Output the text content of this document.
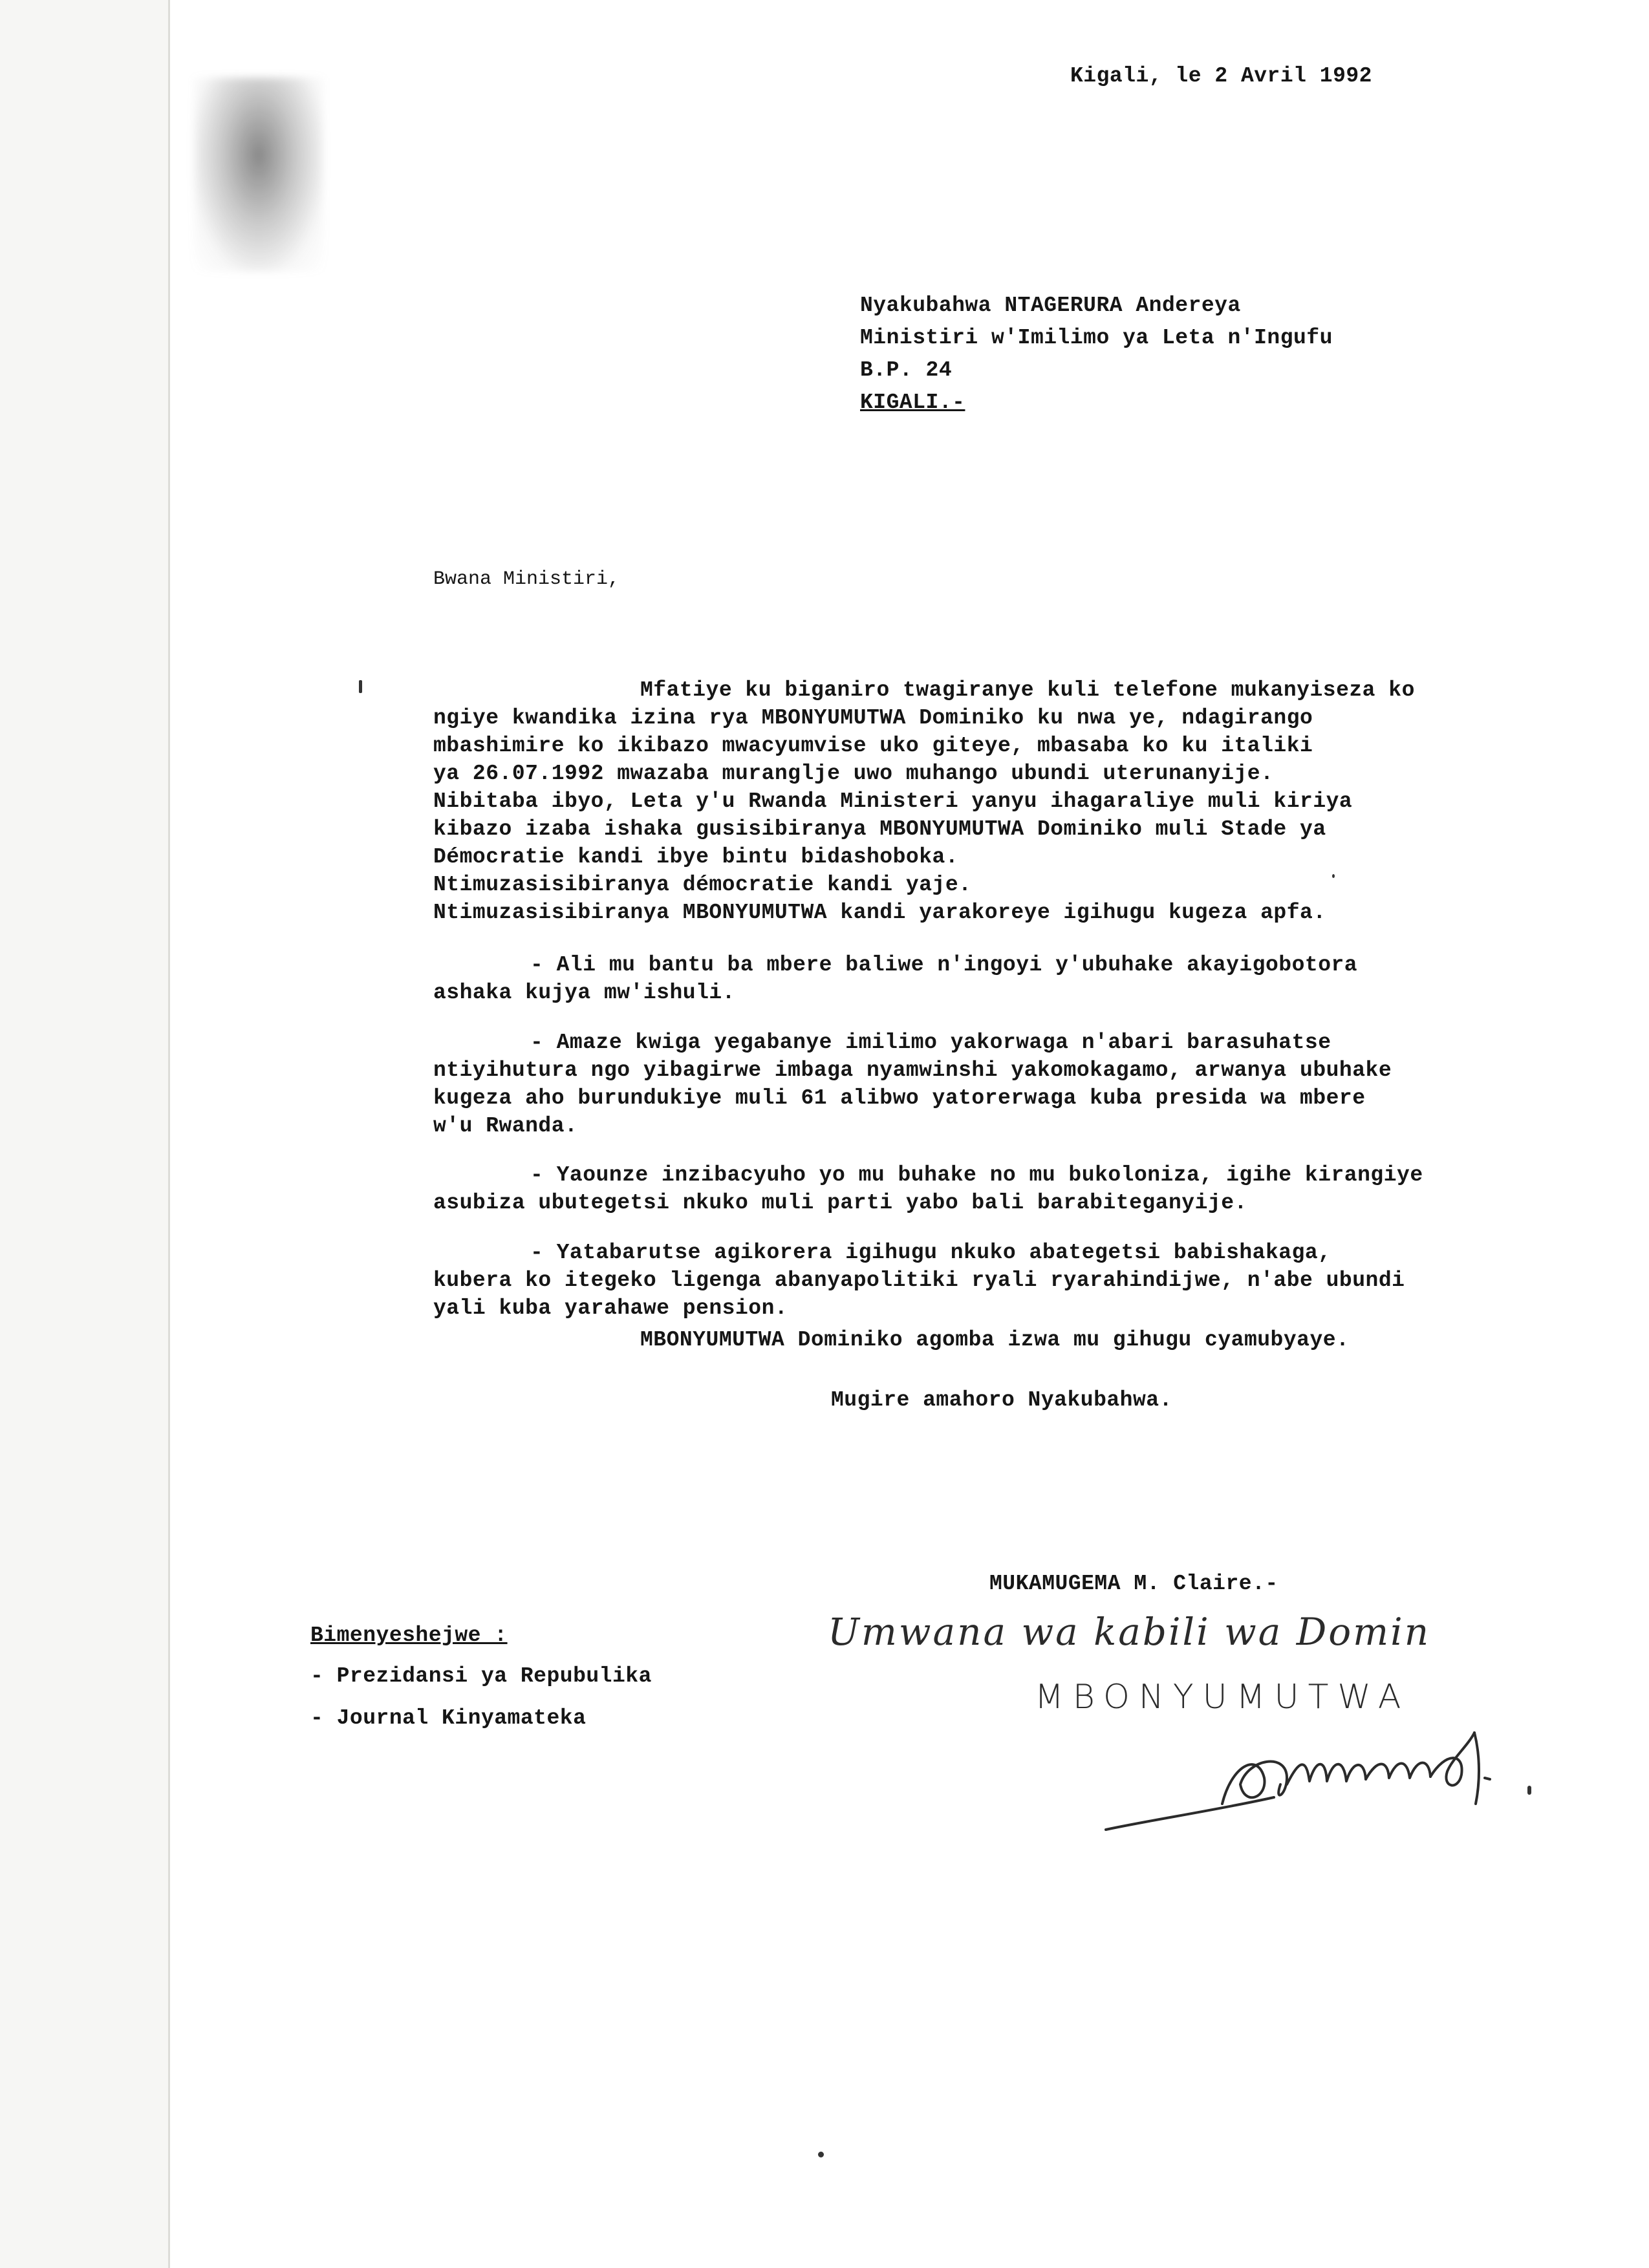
Kigali, le 2 Avril 1992
Nyakubahwa NTAGERURA Andereya
Ministiri w'Imilimo ya Leta n'Ingufu
B.P. 24
KIGALI.-
Bwana Ministiri,
Mfatiye ku biganiro twagiranye kuli telefone mukanyiseza ko
ngiye kwandika izina rya MBONYUMUTWA Dominiko ku nwa ye, ndagirango
mbashimire ko ikibazo mwacyumvise uko giteye, mbasaba ko ku italiki
ya 26.07.1992 mwazaba muranglje uwo muhango ubundi uterunanyije.
Nibitaba ibyo, Leta y'u Rwanda Ministeri yanyu ihagaraliye muli kiriya
kibazo izaba ishaka gusisibiranya MBONYUMUTWA Dominiko muli Stade ya
Démocratie kandi ibye bintu bidashoboka.
Ntimuzasisibiranya démocratie kandi yaje.
Ntimuzasisibiranya MBONYUMUTWA kandi yarakoreye igihugu kugeza apfa.
- Ali mu bantu ba mbere baliwe n'ingoyi y'ubuhake akayigobotora
ashaka kujya mw'ishuli.
- Amaze kwiga yegabanye imilimo yakorwaga n'abari barasuhatse
ntiyihutura ngo yibagirwe imbaga nyamwinshi yakomokagamo, arwanya ubuhake
kugeza aho burundukiye muli 61 alibwo yatorerwaga kuba presida wa mbere
w'u Rwanda.
- Yaounze inzibacyuho yo mu buhake no mu bukoloniza, igihe kirangiye
asubiza ubutegetsi nkuko muli parti yabo bali barabiteganyije.
- Yatabarutse agikorera igihugu nkuko abategetsi babishakaga,
kubera ko itegeko ligenga abanyapolitiki ryali ryarahindijwe, n'abe ubundi
yali kuba yarahawe pension.
MBONYUMUTWA Dominiko agomba izwa mu gihugu cyamubyaye.
Mugire amahoro Nyakubahwa.
MUKAMUGEMA M. Claire.-
Bimenyeshejwe :
- Prezidansi ya Repubulika
- Journal Kinyamateka
Umwana wa kabili wa Domin
MBONYUMUTWA
